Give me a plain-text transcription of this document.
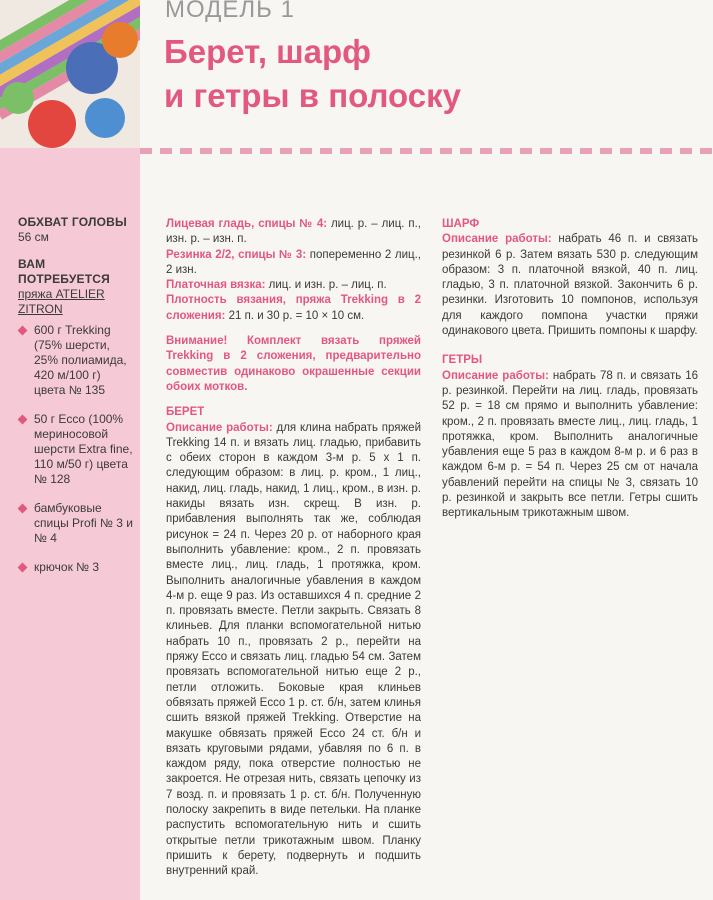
МОДЕЛЬ 1
Берет, шарф
и гетры в полоску
ОБХВАТ ГОЛОВЫ

56 см

ВАМ ПОТРЕБУЕТСЯ
пряжа ATELIER ZITRON
600 г Trekking (75% шерсти, 25% полиамида, 420 м/100 г) цвета № 135
50 г Ecco (100% мериносовой шерсти Extra fine, 110 м/50 г) цвета № 128
бамбуковые спицы Profi № 3 и № 4
крючок № 3

Лицевая гладь, спицы № 4: лиц. р. – лиц. п., изн. р. – изн. п.

Резинка 2/2, спицы № 3: попеременно 2 лиц., 2 изн.

Платочная вязка: лиц. и изн. р. – лиц. п.

Плотность вязания, пряжа Trekking в 2 сложения: 21 п. и 30 р. = 10 × 10 см.

Внимание! Комплект вязать пряжей Trekking в 2 сложения, предварительно совместив одинаково окрашенные секции обоих мотков.

БЕРЕТ

Описание работы: для клина набрать пряжей Trekking 14 п. и вязать лиц. гладью, прибавить с обеих сторон в каждом 3-м р. 5 х 1 п. следующим образом: в лиц. р. кром., 1 лиц., накид, лиц. гладь, накид, 1 лиц., кром., в изн. р. накиды вязать изн. скрещ. В изн. р. прибавления выполнять так же, соблюдая рисунок = 24 п. Через 20 р. от наборного края выполнить убавление: кром., 2 п. провязать вместе лиц., лиц. гладь, 1 протяжка, кром. Выполнить аналогичные убавления в каждом 4-м р. еще 9 раз. Из оставшихся 4 п. средние 2 п. провязать вместе. Петли закрыть. Связать 8 клиньев. Для планки вспомогательной нитью набрать 10 п., провязать 2 р., перейти на пряжу Ecco и связать лиц. гладью 54 см. Затем провязать вспомогательной нитью еще 2 р., петли отложить. Боковые края клиньев обвязать пряжей Ecco 1 р. ст. б/н, затем клинья сшить вязкой пряжей Trekking. Отверстие на макушке обвязать пряжей Ecco 24 ст. б/н и вязать круговыми рядами, убавляя по 6 п. в каждом ряду, пока отверстие полностью не закроется. Не отрезая нить, связать цепочку из 7 возд. п. и провязать 1 р. ст. б/н. Полученную полоску закрепить в виде петельки. На планке распустить вспомогательную нить и сшить открытые петли трикотажным швом. Планку пришить к берету, подвернуть и подшить внутренний край.

ШАРФ

Описание работы: набрать 46 п. и связать резинкой 6 р. Затем вязать 530 р. следующим образом: 3 п. платочной вязкой, 40 п. лиц. гладью, 3 п. платочной вязкой. Закончить 6 р. резинки. Изготовить 10 помпонов, используя для каждого помпона участки пряжи одинакового цвета. Пришить помпоны к шарфу.

ГЕТРЫ

Описание работы: набрать 78 п. и связать 16 р. резинкой. Перейти на лиц. гладь, провязать 52 р. = 18 см прямо и выполнить убавление: кром., 2 п. провязать вместе лиц., лиц. гладь, 1 протяжка, кром. Выполнить аналогичные убавления еще 5 раз в каждом 8-м р. и 6 раз в каждом 6-м р. = 54 п. Через 25 см от начала убавлений перейти на спицы № 3, связать 10 р. резинкой и закрыть все петли. Гетры сшить вертикальным трикотажным швом.
